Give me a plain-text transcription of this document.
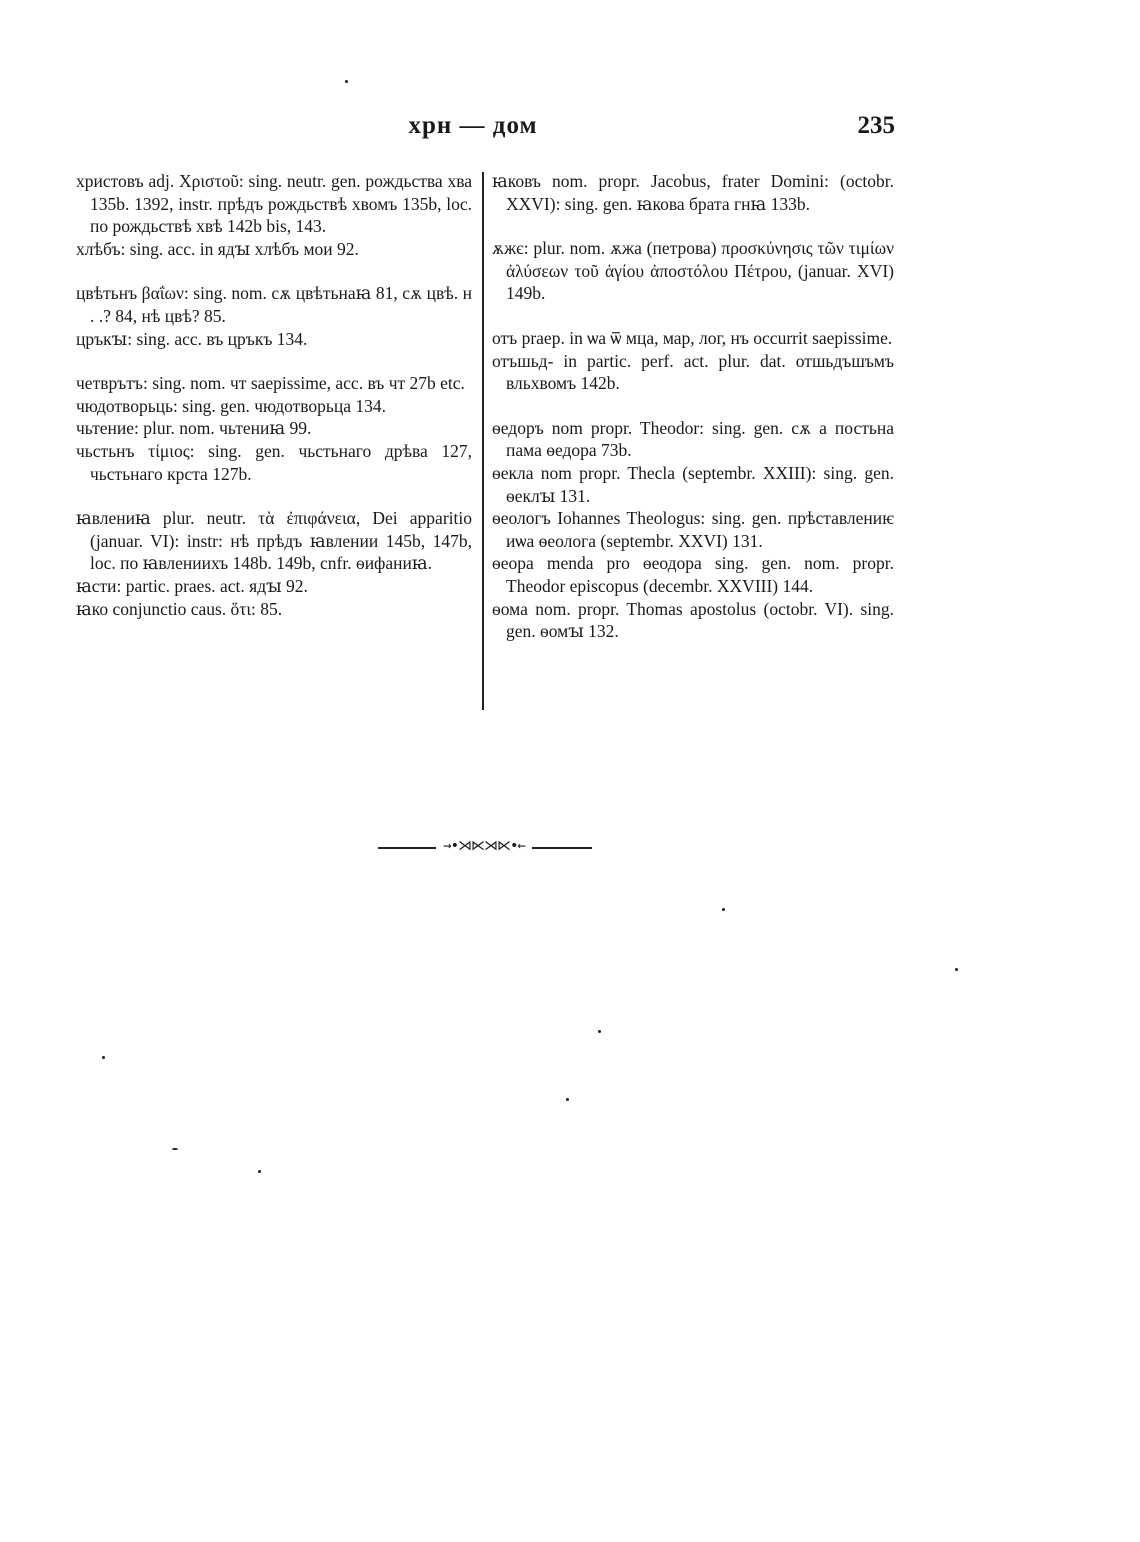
хрн — дом	235

христовъ adj. Χριστοῦ: sing. neutr. gen. рождьства хва 135b. 1392, instr. прѣдъ рождьствѣ хвомъ 135b, loc. по рождьствѣ хвѣ 142b bis, 143.

хлѣбъ: sing. acc. in ядꙑ хлѣбъ мои 92.

цвѣтьнъ βαΐων: sing. nom. сѫ цвѣтьнаꙗ 81, сѫ цвѣ. н . .? 84, нѣ цвѣ? 85.

цръкꙑ: sing. acc. въ цръкъ 134.

четврътъ: sing. nom. чт saepissime, acc. въ чт 27b etc.

чюдотворьць: sing. gen. чюдотворьца 134.

чьтениe: plur. nom. чьтениꙗ 99.

чьстьнъ τίμιος: sing. gen. чьстьнаго дрѣва 127, чьстьнаго крста 127b.

ꙗвлениꙗ plur. neutr. τὰ ἐπιφάνεια, Dei apparitio (januar. VI): instr: нѣ прѣдъ ꙗвлении 145b, 147b, loc. по ꙗвлениихъ 148b. 149b, cnfr. ѳифаниꙗ.

ꙗсти: partic. praes. act. ядꙑ 92.

ꙗко conjunctio caus. ὅτι: 85.

ꙗковъ nom. propr. Jacobus, frater Domini: (octobr. XXVI): sing. gen. ꙗкова брата гнꙗ 133b.

ѫжє: plur. nom. ѫжа (петрова) προσκύνησις τῶν τιμίων ἀλύσεων τοῦ ἁγίου ἀποστόλου Πέτρου, (januar. XVI) 149b.

отъ praep. in ѡа ѿ мца, мар, лог, нъ occurrit saepissime.

отъшьд- in partic. perf. act. plur. dat. отшьдъшъмъ вльхвомъ 142b.

ѳедоръ nom propr. Theodor: sing. gen. сѫ а постьна пама ѳедора 73b.

ѳекла nom propr. Thecla (septembr. XXIII): sing. gen. ѳеклꙑ 131.

ѳеологъ Iohannes Theologus: sing. gen. прѣставлениѥ иѡа ѳеолога (septembr. XXVI) 131.

ѳеора menda pro ѳеодора sing. gen. nom. propr. Theodor episcopus (decembr. XXVIII) 144.

ѳома nom. propr. Thomas apostolus (octobr. VI). sing. gen. ѳомꙑ 132.

→•⋊⋉⋊⋉•←
